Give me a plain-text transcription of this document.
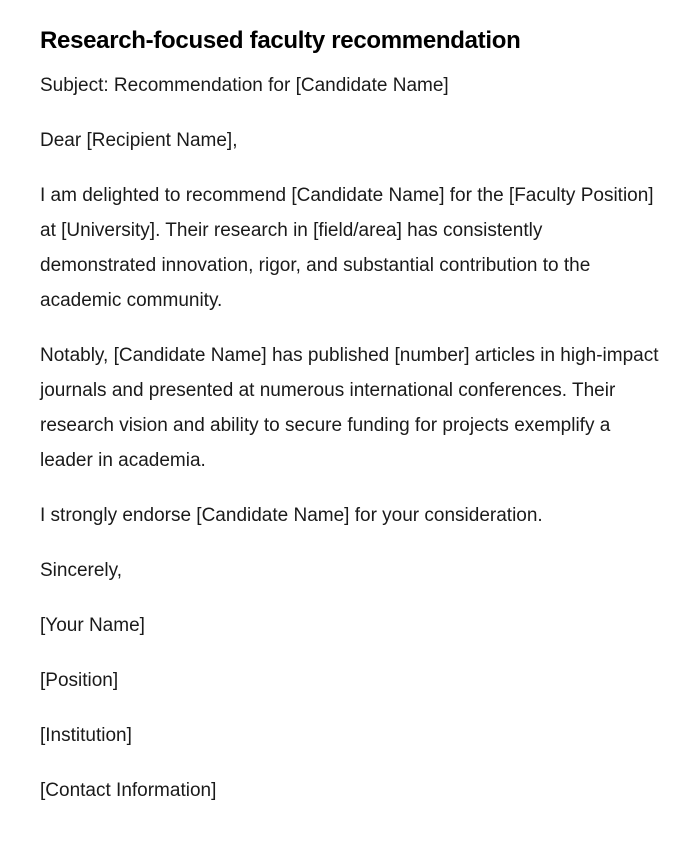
Research-focused faculty recommendation

Subject: Recommendation for [Candidate Name]

Dear [Recipient Name],

I am delighted to recommend [Candidate Name] for the [Faculty Position] at [University]. Their research in [field/area] has consistently demonstrated innovation, rigor, and substantial contribution to the academic community.

Notably, [Candidate Name] has published [number] articles in high-impact journals and presented at numerous international conferences. Their research vision and ability to secure funding for projects exemplify a leader in academia.

I strongly endorse [Candidate Name] for your consideration.

Sincerely,

[Your Name]

[Position]

[Institution]

[Contact Information]
